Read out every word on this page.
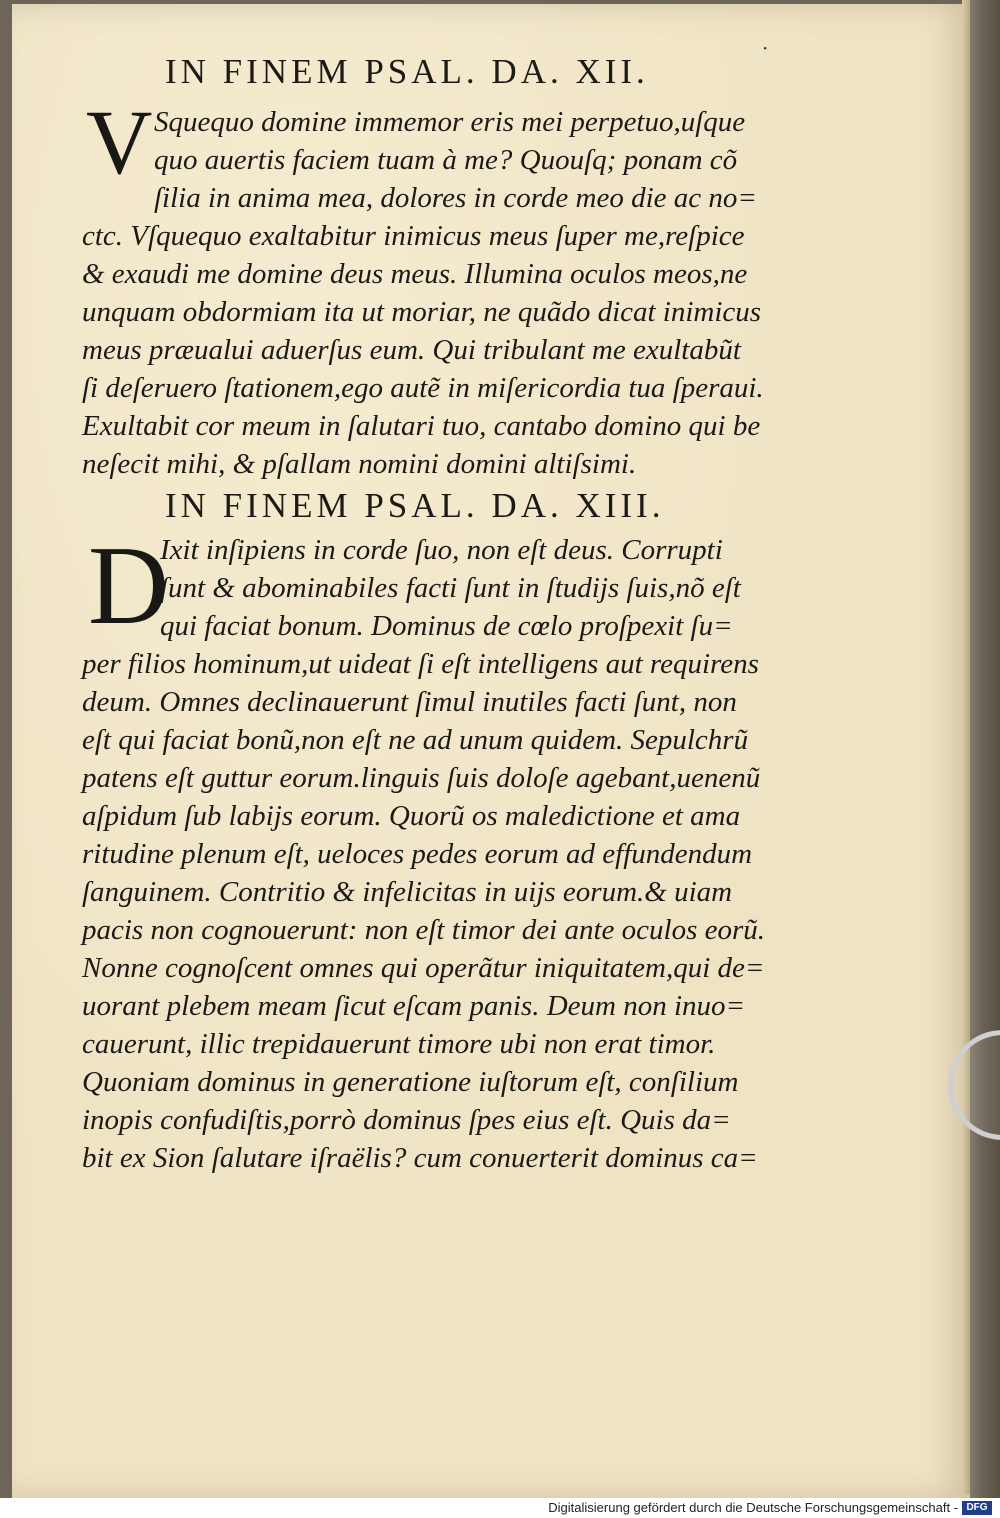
·
IN FINEM PSAL. DA. XII.
V Squequo domine immemor eris mei perpetuo,uſque
quo auertis faciem tuam à me? Quouſq; ponam cõ
ſilia in anima mea, dolores in corde meo die ac no=
ctc. Vſquequo exaltabitur inimicus meus ſuper me,reſpice
& exaudi me domine deus meus. Illumina oculos meos,ne
unquam obdormiam ita ut moriar, ne quãdo dicat inimicus
meus præualui aduerſus eum. Qui tribulant me exultabũt
ſi deſeruero ſtationem,ego autẽ in miſericordia tua ſperaui.
Exultabit cor meum in ſalutari tuo, cantabo domino qui be
neſecit mihi, & pſallam nomini domini altiſsimi.
IN FINEM PSAL. DA. XIII.
D
Ixit inſipiens in corde ſuo, non eſt deus. Corrupti
ſunt & abominabiles facti ſunt in ſtudijs ſuis,nõ eſt
qui faciat bonum. Dominus de cœlo proſpexit ſu=
per filios hominum,ut uideat ſi eſt intelligens aut requirens
deum. Omnes declinauerunt ſimul inutiles facti ſunt, non
eſt qui faciat bonũ,non eſt ne ad unum quidem. Sepulchrũ
patens eſt guttur eorum.linguis ſuis doloſe agebant,uenenũ
aſpidum ſub labijs eorum. Quorũ os maledictione et ama
ritudine plenum eſt, ueloces pedes eorum ad effundendum
ſanguinem. Contritio & infelicitas in uijs eorum.& uiam
pacis non cognouerunt: non eſt timor dei ante oculos eorũ.
Nonne cognoſcent omnes qui operãtur iniquitatem,qui de=
uorant plebem meam ſicut eſcam panis. Deum non inuo=
cauerunt, illic trepidauerunt timore ubi non erat timor.
Quoniam dominus in generatione iuſtorum eſt, conſilium
inopis confudiſtis,porrò dominus ſpes eius eſt. Quis da=
bit ex Sion ſalutare iſraëlis? cum conuerterit dominus ca=
Digitalisierung gefördert durch die Deutsche Forschungsgemeinschaft - DFG
